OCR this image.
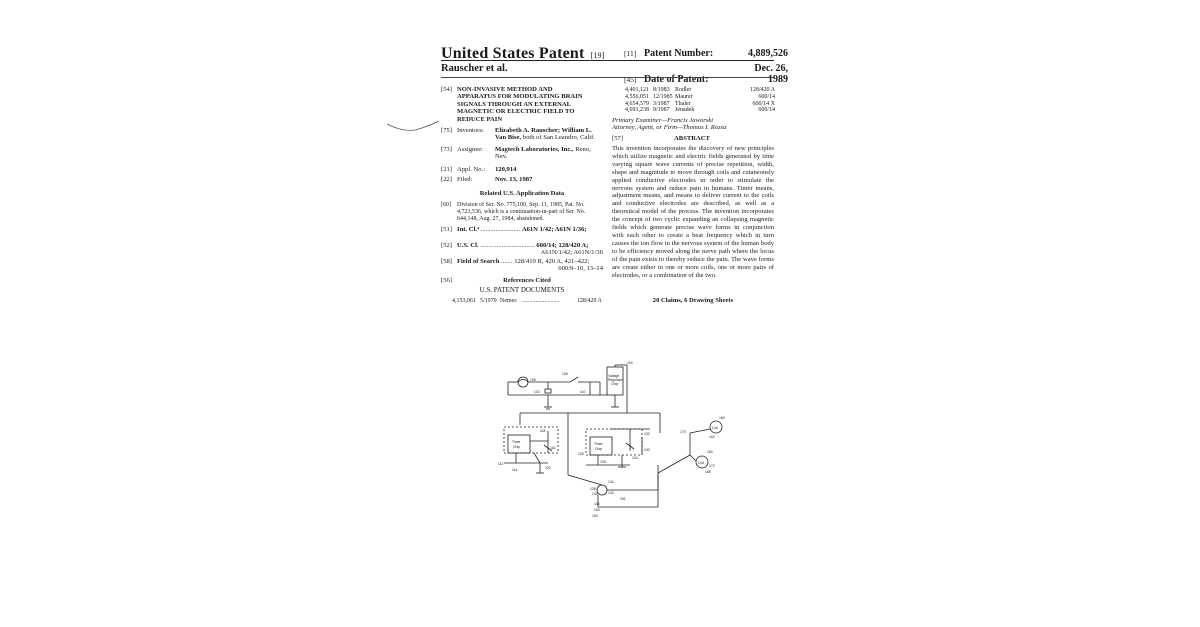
United States Patent [19]
Rauscher et al.
[11] Patent Number:	4,889,526
[45] Date of Patent:Dec. 26, 1989
[54] NON-INVASIVE METHOD AND
APPARATUS FOR MODULATING BRAIN
SIGNALS THROUGH AN EXTERNAL
MAGNETIC OR ELECTRIC FIELD TO
REDUCE PAIN
[75] Inventors: Elizabeth A. Rauscher; William L.
Van Bise, both of San Leandro, Calif.
[73] Assignee: Magtech Laboratories, Inc., Reno,
Nev.
[21] Appl. No.: 120,914
[22] Filed:	Nov. 13, 1987
Related U.S. Application Data
[60] Division of Ser. No. 775,100, Sep. 11, 1985, Pat. No.
4,723,536, which is a continuation-in-part of Ser. No.
644,148, Aug. 27, 1984, abandoned.
[51] Int. Cl.⁴ ........................ A61N 1/42; A61N 1/36;
[52] U.S. Cl. ................................. 600/14; 128/420 A;
A61N/1/42; A61N/1/36
[58] Field of Search ....... 128/419 R, 420 A, 421–422;
600/9–10, 13–14
[56]	References Cited
U.S. PATENT DOCUMENTS
4,153,061 5/1979 Nemec .........................	128/420 A
4,401,121 8/1983 Rodler	128/420 A
4,556,051 12/1985 Maurer	600/14
4,654,579 3/1987 Thaler	600/14 X
4,693,238 9/1987 Jenadek	600/14
Primary Examiner—Francis Jaworski
Attorney, Agent, or Firm—Thomas I. Rozsa
[57]	ABSTRACT
This invention incorporates the discovery of new principles which utilize magnetic and electric fields generated by time varying square wave currents of precise repetition, width, shape and magnitude to move through coils and cutaneously applied conductive electrodes in order to stimulate the nervous system and reduce pain in humans. Timer means, adjustment means, and means to deliver current to the coils and conductive electrodes are described, as well as a theoretical model of the process. The invention incorporates the concept of two cyclic expanding an collapsing magnetic fields which generate precise wave forms in conjunction with each other to create a beat frequency which in turn causes the ion flow in the nervous system of the human body to be efficiency moved along the nerve path where the locus of the pain exists to thereby reduce the pain. The wave forms are create either in one or more coils, one or more pairs of electrodes, or a combination of the two.
20 Claims, 6 Drawing Sheets
106
108
102	110
104
Voltage
Regulator
Chip
Timer
Chip
Timer
Chip
116
118
112
114	120
126
128
132
130
124
138
140	142
144
146
150
152
154
160
170
162
164
172
168
Coil
Coil
